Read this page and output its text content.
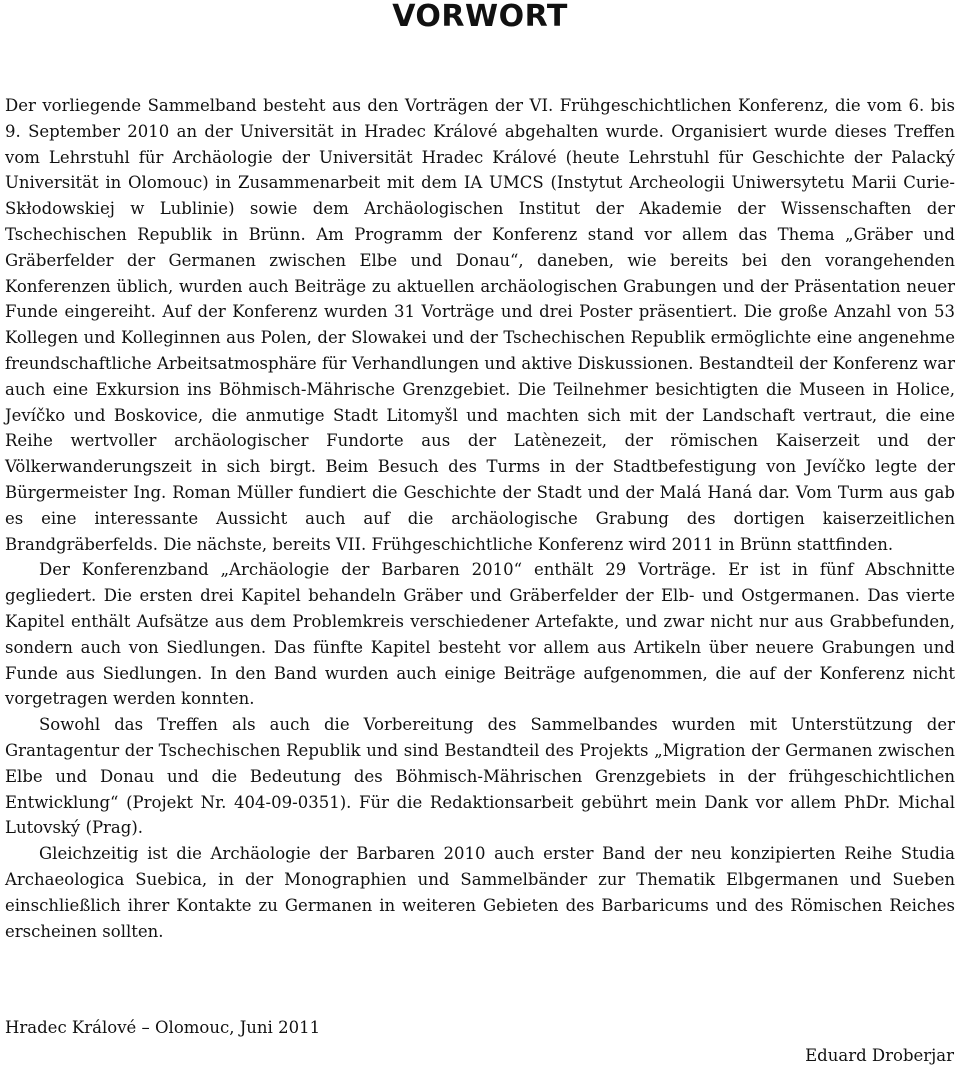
VORWORT

Der vorliegende Sammelband besteht aus den Vorträgen der VI. Frühgeschichtlichen Konferenz, die vom 6. bis 9. September 2010 an der Universität in Hradec Králové abgehalten wurde. Organisiert wurde dieses Treffen vom Lehrstuhl für Archäologie der Universität Hradec Králové (heute Lehrstuhl für Geschichte der Palacký Universität in Olomouc) in Zusammenarbeit mit dem IA UMCS (Instytut Archeologii Uniwersytetu Marii Curie-Skłodowskiej w Lublinie) sowie dem Archäologischen Institut der Akademie der Wissenschaften der Tschechischen Republik in Brünn. Am Programm der Konferenz stand vor allem das Thema „Gräber und Gräberfelder der Germanen zwischen Elbe und Donau“, daneben, wie bereits bei den vorangehenden Konferenzen üblich, wurden auch Beiträge zu aktuellen archäologischen Grabungen und der Präsentation neuer Funde eingereiht. Auf der Konferenz wurden 31 Vorträge und drei Poster präsentiert. Die große Anzahl von 53 Kollegen und Kolleginnen aus Polen, der Slowakei und der Tschechischen Republik ermöglichte eine angenehme freundschaftliche Arbeitsatmosphäre für Verhandlungen und aktive Diskussionen. Bestandteil der Konferenz war auch eine Exkursion ins Böhmisch-Mährische Grenzgebiet. Die Teilnehmer besichtigten die Museen in Holice, Jevíčko und Boskovice, die anmutige Stadt Litomyšl und machten sich mit der Landschaft vertraut, die eine Reihe wertvoller archäologischer Fundorte aus der Latènezeit, der römischen Kaiserzeit und der Völkerwanderungszeit in sich birgt. Beim Besuch des Turms in der Stadtbefestigung von Jevíčko legte der Bürgermeister Ing. Roman Müller fundiert die Geschichte der Stadt und der Malá Haná dar. Vom Turm aus gab es eine interessante Aussicht auch auf die archäologische Grabung des dortigen kaiserzeitlichen Brandgräberfelds. Die nächste, bereits VII. Frühgeschichtliche Konferenz wird 2011 in Brünn stattfinden.

Der Konferenzband „Archäologie der Barbaren 2010“ enthält 29 Vorträge. Er ist in fünf Abschnitte gegliedert. Die ersten drei Kapitel behandeln Gräber und Gräberfelder der Elb- und Ostgermanen. Das vierte Kapitel enthält Aufsätze aus dem Problemkreis verschiedener Artefakte, und zwar nicht nur aus Grabbefunden, sondern auch von Siedlungen. Das fünfte Kapitel besteht vor allem aus Artikeln über neuere Grabungen und Funde aus Siedlungen. In den Band wurden auch einige Beiträge aufgenommen, die auf der Konferenz nicht vorgetragen werden konnten.

Sowohl das Treffen als auch die Vorbereitung des Sammelbandes wurden mit Unterstützung der Grantagentur der Tschechischen Republik und sind Bestandteil des Projekts „Migration der Germanen zwischen Elbe und Donau und die Bedeutung des Böhmisch-Mährischen Grenzgebiets in der frühgeschichtlichen Entwicklung“ (Projekt Nr. 404-09-0351). Für die Redaktionsarbeit gebührt mein Dank vor allem PhDr. Michal Lutovský (Prag).

Gleichzeitig ist die Archäologie der Barbaren 2010 auch erster Band der neu konzipierten Reihe Studia Archaeologica Suebica, in der Monographien und Sammelbänder zur Thematik Elbgermanen und Sueben einschließlich ihrer Kontakte zu Germanen in weiteren Gebieten des Barbaricums und des Römischen Reiches erscheinen sollten.

Hradec Králové – Olomouc, Juni 2011
Eduard Droberjar
